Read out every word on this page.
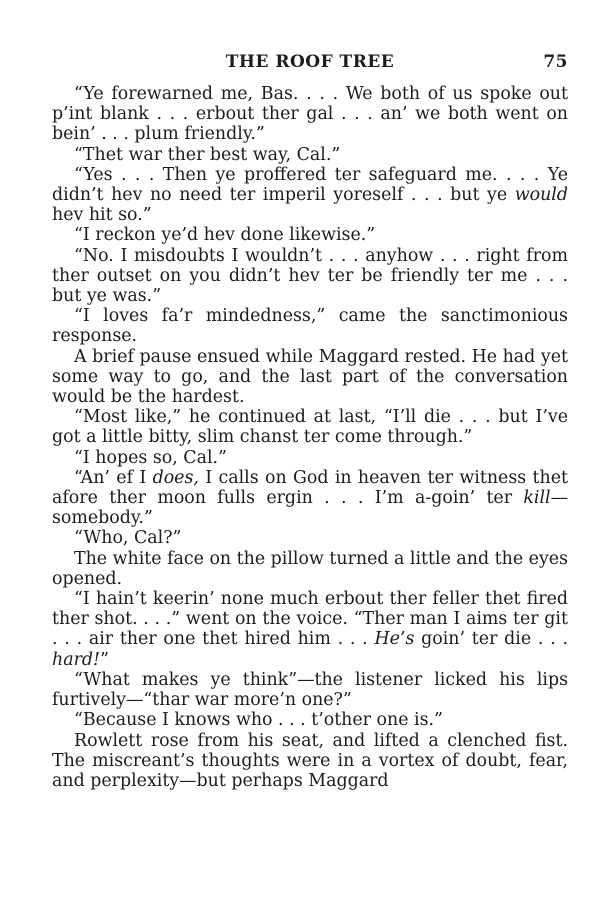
THE ROOF TREE	75

“Ye forewarned me, Bas. . . . We both of us spoke out p’int blank . . . erbout ther gal . . . an’ we both went on bein’ . . . plum friendly.”

“Thet war ther best way, Cal.”

“Yes . . . Then ye proffered ter safeguard me. . . . Ye didn’t hev no need ter imperil yoreself . . . but ye would hev hit so.”

“I reckon ye’d hev done likewise.”

“No. I misdoubts I wouldn’t . . . anyhow . . . right from ther outset on you didn’t hev ter be friendly ter me . . . but ye was.”

“I loves fa’r mindedness,” came the sanctimonious response.

A brief pause ensued while Maggard rested. He had yet some way to go, and the last part of the conversation would be the hardest.

“Most like,” he continued at last, “I’ll die . . . but I’ve got a little bitty, slim chanst ter come through.”

“I hopes so, Cal.”

“An’ ef I does, I calls on God in heaven ter witness thet afore ther moon fulls ergin . . . I’m a-goin’ ter kill—somebody.”

“Who, Cal?”

The white face on the pillow turned a little and the eyes opened.

“I hain’t keerin’ none much erbout ther feller thet fired ther shot. . . .” went on the voice. “Ther man I aims ter git . . . air ther one thet hired him . . . He’s goin’ ter die . . . hard!”

“What makes ye think”—the listener licked his lips furtively—“thar war more’n one?”

“Because I knows who . . . t’other one is.”

Rowlett rose from his seat, and lifted a clenched fist. The miscreant’s thoughts were in a vortex of doubt, fear, and perplexity—but perhaps Maggard
